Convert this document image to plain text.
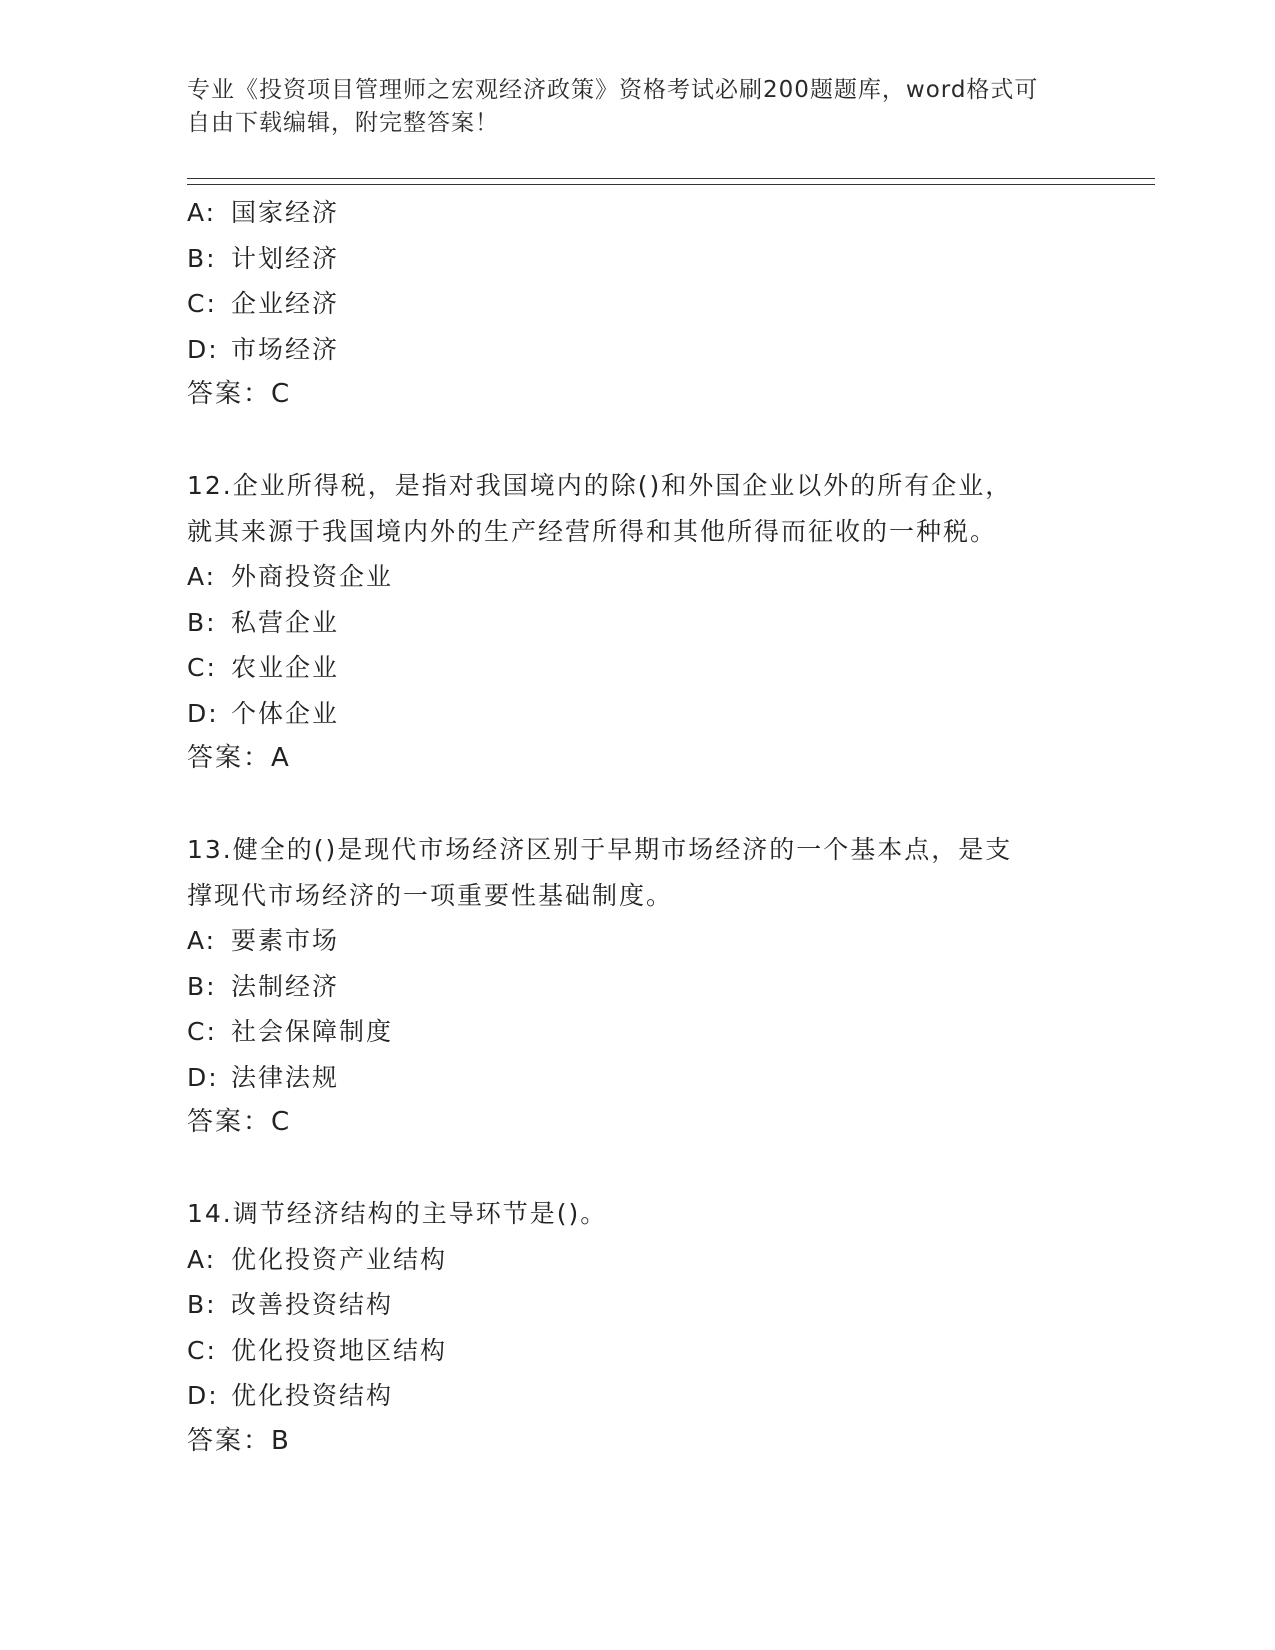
专业《投资项目管理师之宏观经济政策》资格考试必刷200题题库，word格式可
自由下载编辑，附完整答案！
A: 国家经济
B: 计划经济
C: 企业经济
D: 市场经济
答案：C
12.企业所得税，是指对我国境内的除()和外国企业以外的所有企业，
就其来源于我国境内外的生产经营所得和其他所得而征收的一种税。
A: 外商投资企业
B: 私营企业
C: 农业企业
D: 个体企业
答案：A
13.健全的()是现代市场经济区别于早期市场经济的一个基本点，是支
撑现代市场经济的一项重要性基础制度。
A: 要素市场
B: 法制经济
C: 社会保障制度
D: 法律法规
答案：C
14.调节经济结构的主导环节是()。
A: 优化投资产业结构
B: 改善投资结构
C: 优化投资地区结构
D: 优化投资结构
答案：B
